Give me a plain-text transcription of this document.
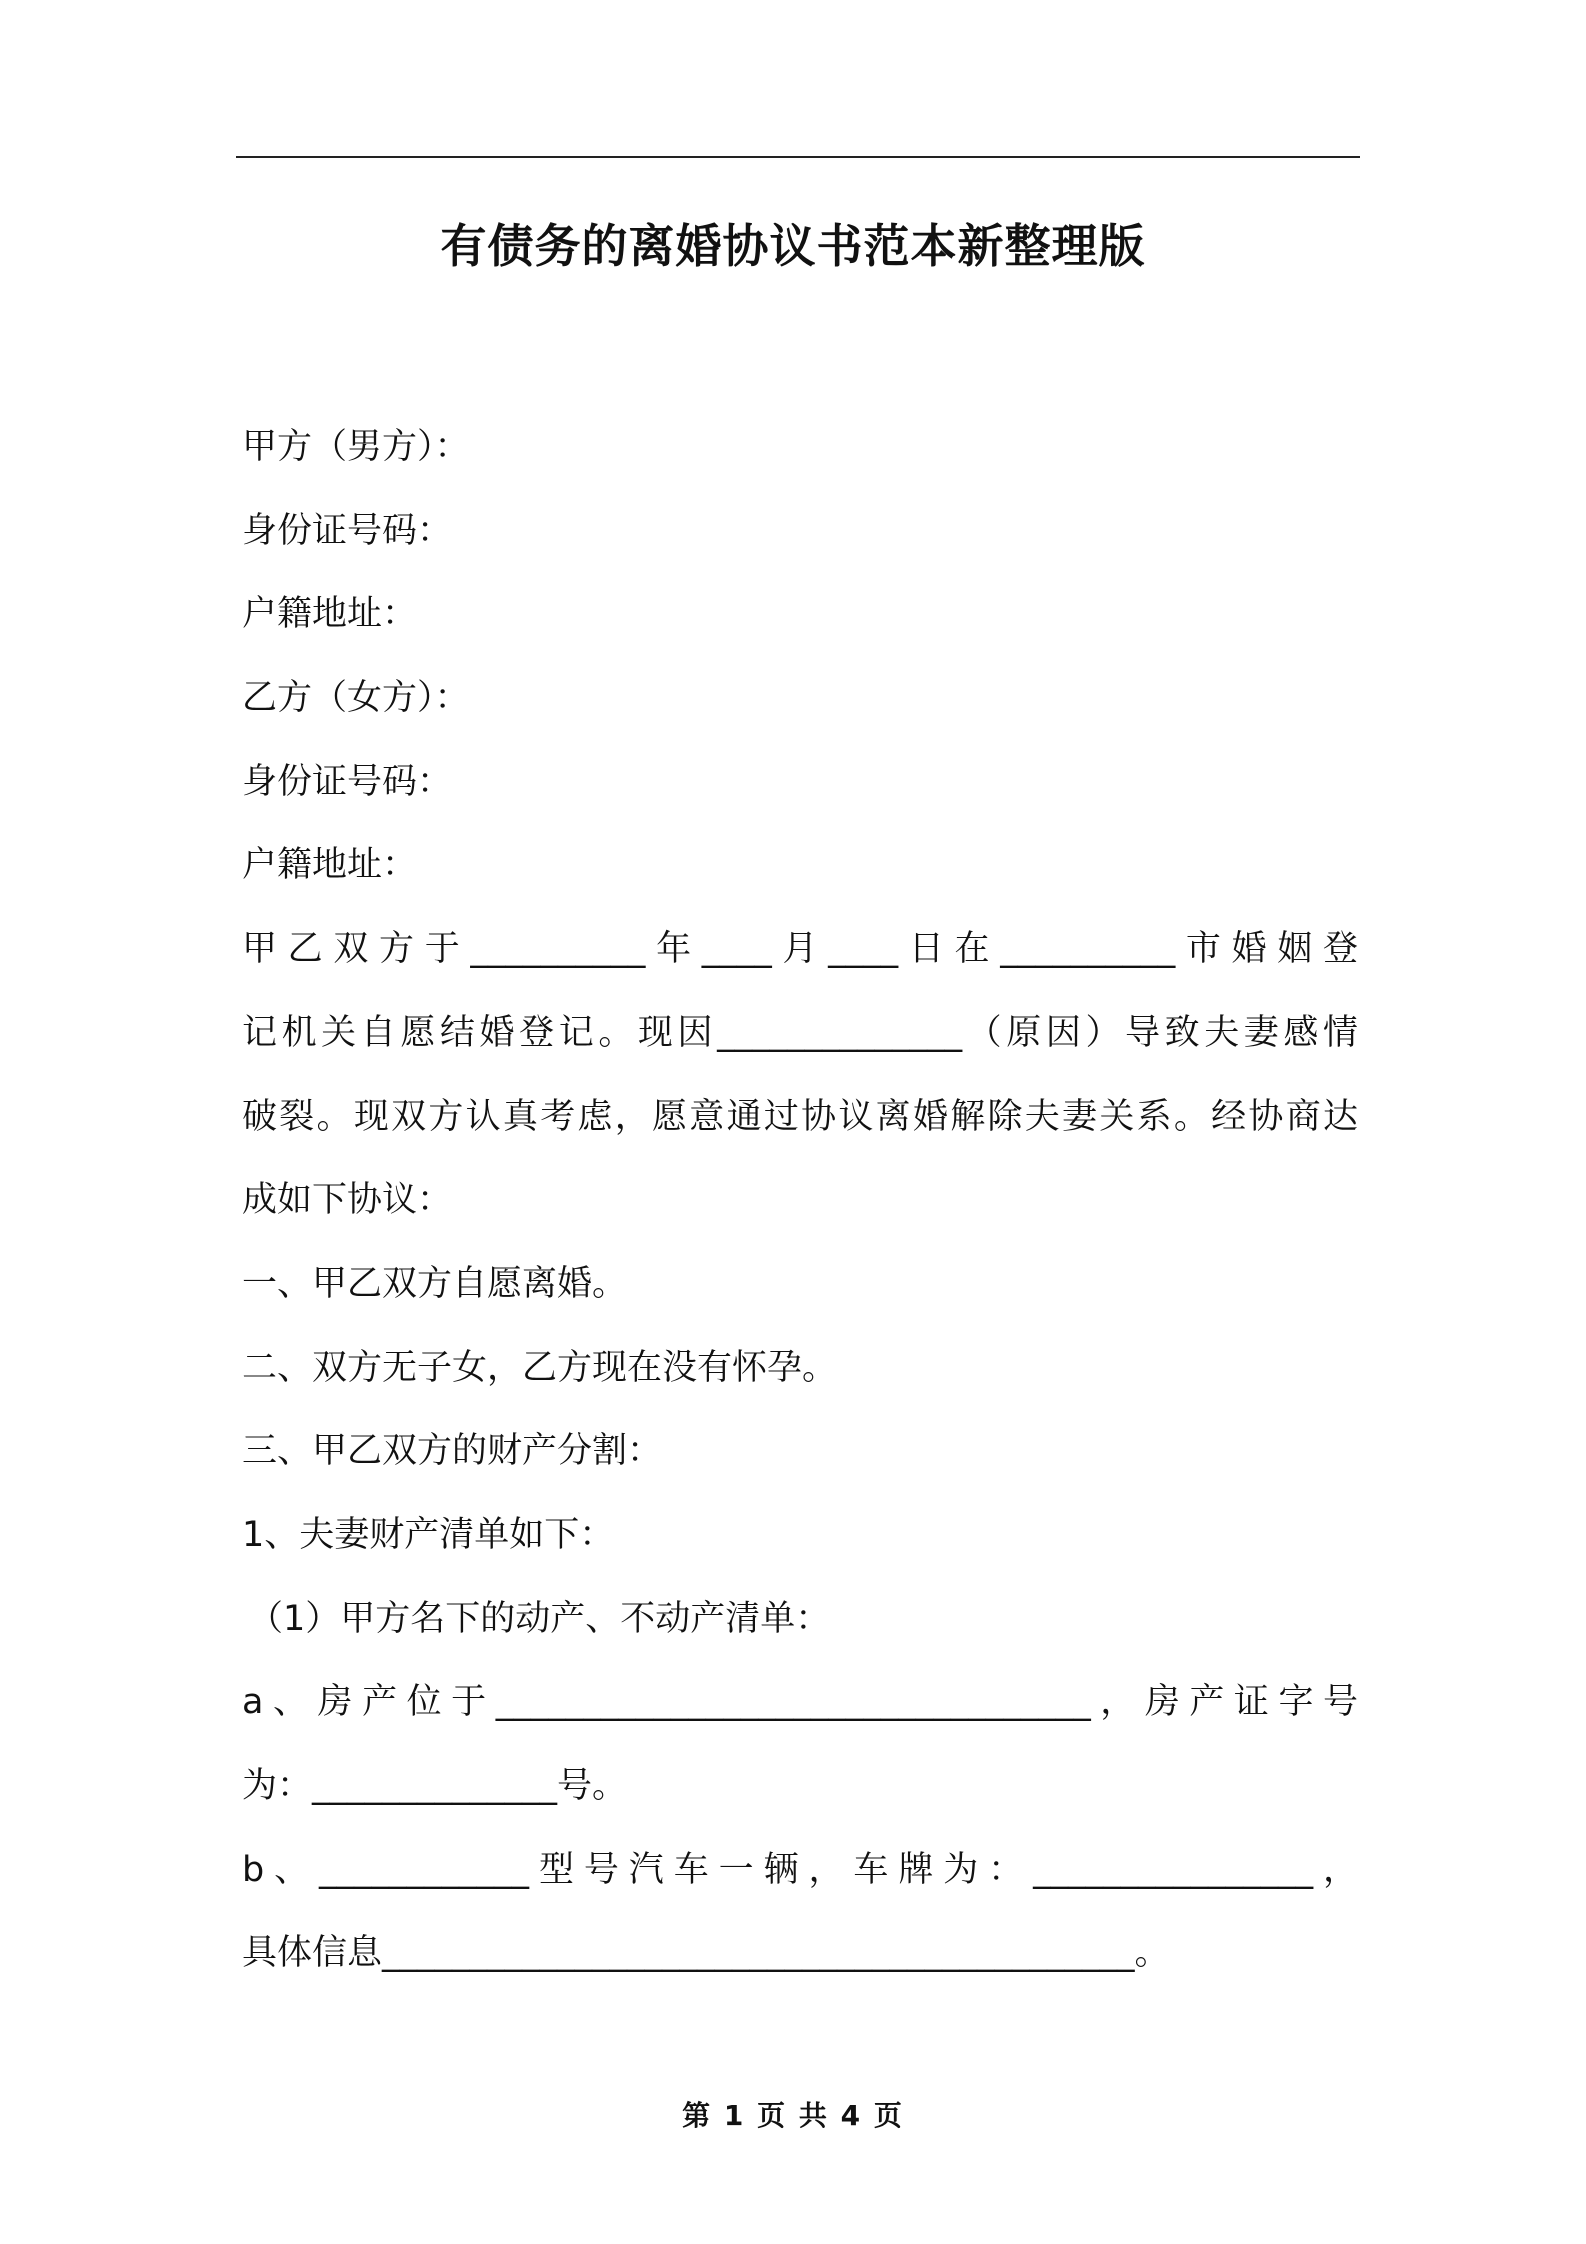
有债务的离婚协议书范本新整理版
甲方（男方）：
身份证号码：
户籍地址：
乙方（女方）：
身份证号码：
户籍地址：
甲乙双方于__________年____月____日在__________市婚姻登
记机关自愿结婚登记。现因______________（原因）导致夫妻感情
破裂。现双方认真考虑，愿意通过协议离婚解除夫妻关系。经协商达
成如下协议：
一、甲乙双方自愿离婚。
二、双方无子女，乙方现在没有怀孕。
三、甲乙双方的财产分割：
1、夫妻财产清单如下：
（1）甲方名下的动产、不动产清单：
a、房产位于__________________________________，房产证字号
为：______________号。
b、____________型号汽车一辆，车牌为：________________，
具体信息___________________________________________。
第 1 页 共 4 页
